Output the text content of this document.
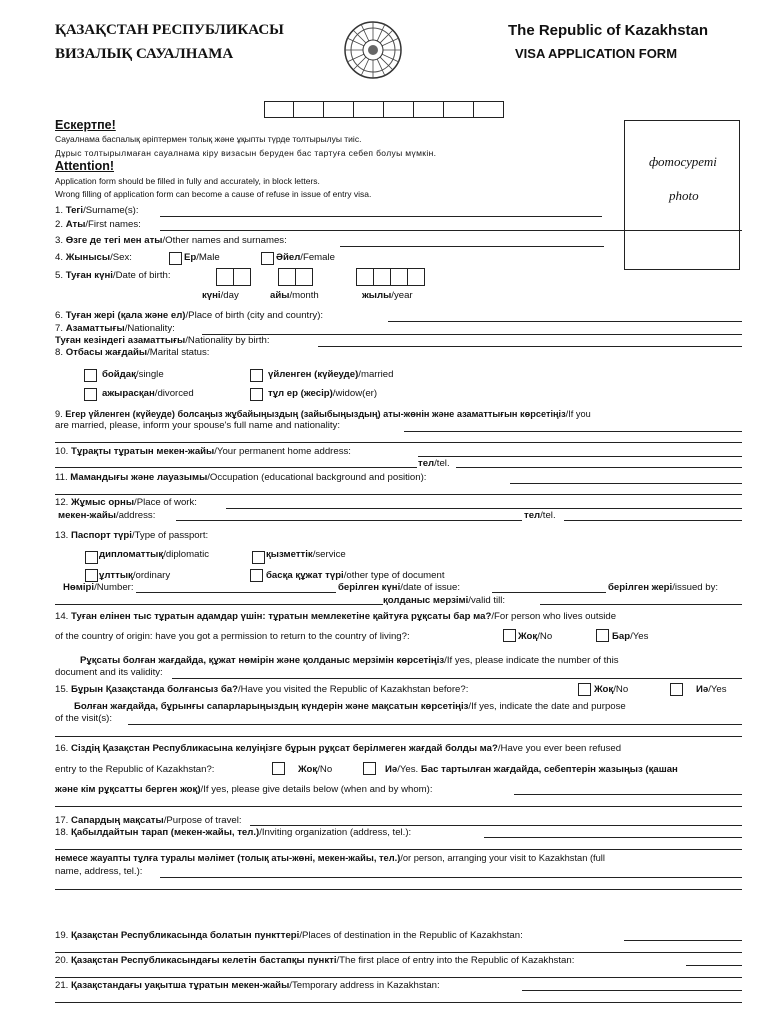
ҚАЗАҚСТАН РЕСПУБЛИКАСЫ
ВИЗАЛЫҚ САУАЛНАМА
The Republic of Kazakhstan
VISA APPLICATION FORM
фотосуреті
photo
Ескертпе!
Сауалнама баспалық әріптермен толық және ұқыпты түрде толтырылуы тиіс.
Дұрыс толтырылмаған сауалнама кіру визасын беруден бас тартуға себеп болуы мүмкін.
Attention!
Application form should be filled in fully and accurately, in block letters.
Wrong filling of application form can become a cause of refuse in issue of entry visa.
1. Тегі/Surname(s):
2. Аты/First names:
3. Өзге де тегі мен аты/Other names and surnames:
4. Жынысы/Sex:	Ер/Male	Әйел/Female
5. Туған күні/Date of birth:
күні/day	айы/month	жылы/year
6. Туған жері (қала және ел)/Place of birth (city and country):
7. Азаматтығы/Nationality:
Туған кезіндегі азаматтығы/Nationality by birth:
8. Отбасы жағдайы/Marital status:
бойдақ/single	үйленген (күйеуде)/married
ажырасқан/divorced	тұл ер (жесір)/widow(er)
9. Егер үйленген (күйеуде) болсаңыз жұбайыңыздың (зайыбыңыздың) аты-жөнін және азаматтығын көрсетіңіз/If you
are married, please, inform your spouse's full name and nationality:
10. Тұрақты тұратын мекен-жайы/Your permanent home address:
тел/tel.
11. Мамандығы және лауазымы/Occupation (educational background and position):
12. Жұмыс орны/Place of work:
мекен-жайы/address:	тел/tel.
13. Паспорт түрі/Type of passport:
дипломаттық/diplomatic	қызметтік/service
ұлттық/ordinary	басқа құжат түрі/other type of document
Нөмірі/Number:	берілген күні/date of issue:	берілген жері/issued by:
қолданыс мерзімі/valid till:
14. Туған елінен тыс тұратын адамдар үшін: тұратын мемлекетіне қайтуға рұқсаты бар ма?/For person who lives outside
of the country of origin: have you got a permission to return to the country of living?:	Жоқ/No	Бар/Yes
Рұқсаты болған жағдайда, құжат нөмірін және қолданыс мерзімін көрсетіңіз/If yes, please indicate the number of this
document and its validity:
15. Бұрын Қазақстанда болғансыз ба?/Have you visited the Republic of Kazakhstan before?:	Жоқ/No	Иә/Yes
Болған жағдайда, бұрынғы сапарларыңыздың күндерін және мақсатын көрсетіңіз/If yes, indicate the date and purpose
of the visit(s):
16. Сіздің Қазақстан Республикасына келуіңізге бұрын рұқсат берілмеген жағдай болды ма?/Have you ever been refused
entry to the Republic of Kazakhstan?:	Жоқ/No	Иә/Yes. Бас тартылған жағдайда, себептерін жазыңыз (қашан
және кім рұқсатты берген жоқ)/If yes, please give details below (when and by whom):
17. Сапардың мақсаты/Purpose of travel:
18. Қабылдайтын тарап (мекен-жайы, тел.)/Inviting organization (address, tel.):
немесе жауапты тұлға туралы мәлімет (толық аты-жөні, мекен-жайы, тел.)/or person, arranging your visit to Kazakhstan (full
name, address, tel.):
19. Қазақстан Республикасында болатын пункттері/Places of destination in the Republic of Kazakhstan:
20. Қазақстан Республикасындағы келетін бастапқы пункті/The first place of entry into the Republic of Kazakhstan:
21. Қазақстандағы уақытша тұратын мекен-жайы/Temporary address in Kazakhstan:
